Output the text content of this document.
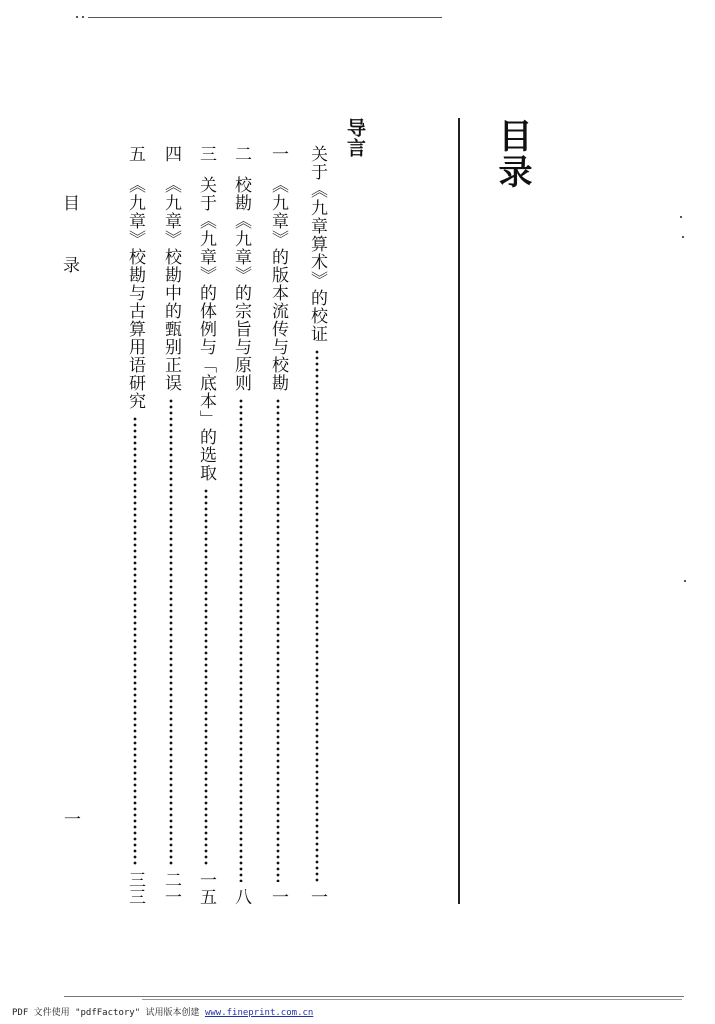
目录
导言
关于《九章算术》的校证
一
一
《九章》的版本流传与校勘
一
二
校勘《九章》的宗旨与原则
八
三
关于《九章》的体例与「底本」的选取
一五
四
《九章》校勘中的甄别正误
二一
五
《九章》校勘与古算用语研究
三三
目
录
一
PDF 文件使用 "pdfFactory" 试用版本创建 www.fineprint.com.cn
